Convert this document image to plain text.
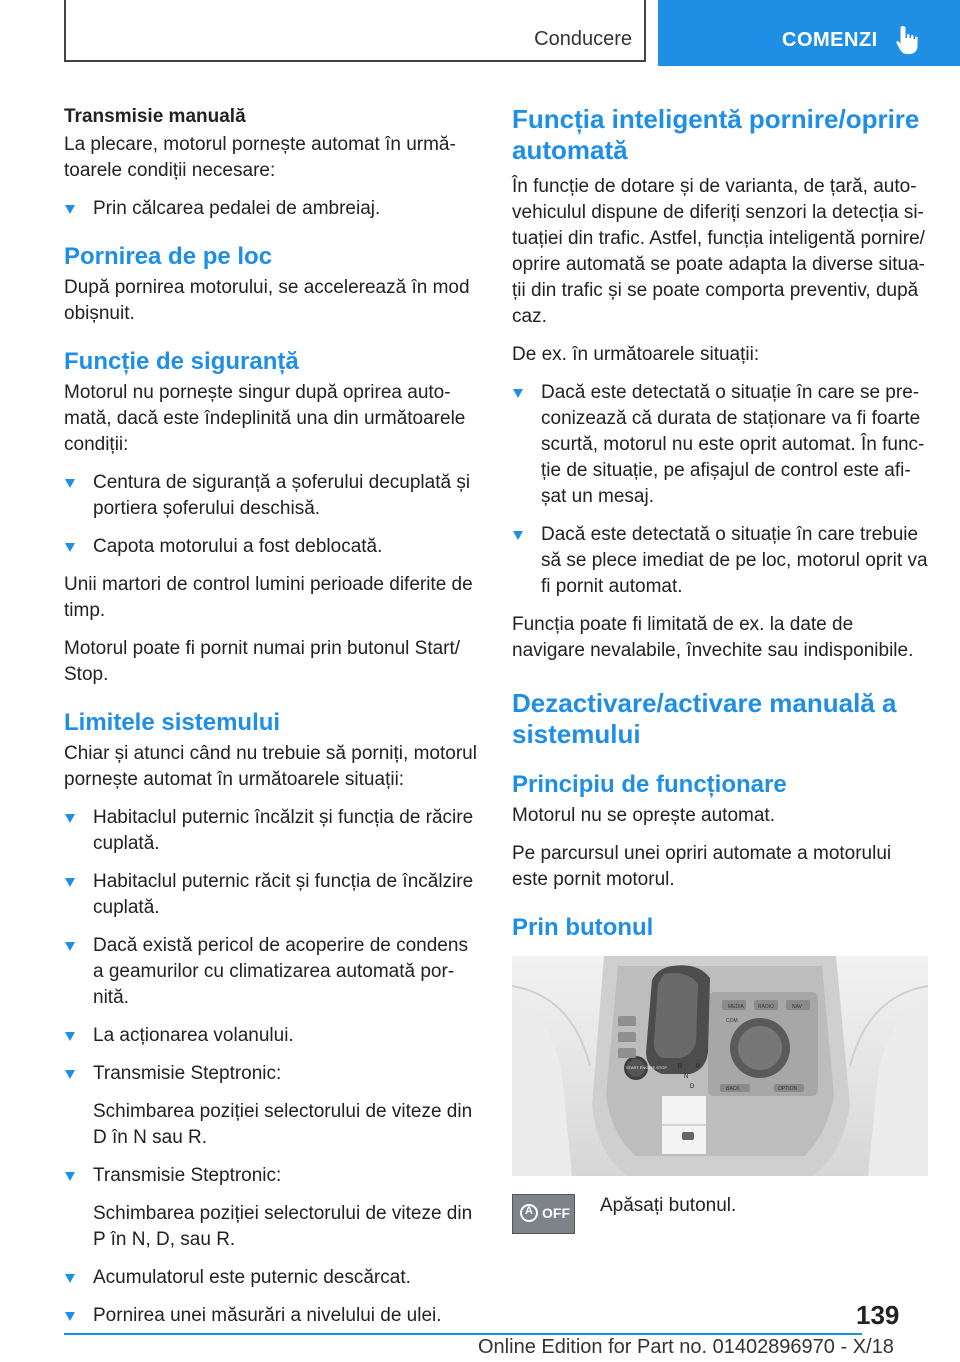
Conducere	COMENZI

Transmisie manuală

La plecare, motorul pornește automat în urmă-toarele condiții necesare:

Prin călcarea pedalei de ambreiaj.
Pornirea de pe loc

După pornirea motorului, se accelerează în mod obișnuit.

Funcție de siguranță

Motorul nu pornește singur după oprirea auto-mată, dacă este îndeplinită una din următoarele condiții:

Centura de siguranță a șoferului decuplată și portiera șoferului deschisă.
Capota motorului a fost deblocată.

Unii martori de control lumini perioade diferite de timp.

Motorul poate fi pornit numai prin butonul Start/ Stop.

Limitele sistemului

Chiar și atunci când nu trebuie să porniți, motorul pornește automat în următoarele situații:

Habitaclul puternic încălzit și funcția de răcire cuplată.
Habitaclul puternic răcit și funcția de încălzire cuplată.
Dacă există pericol de acoperire de condens a geamurilor cu climatizarea automată por-nită.
La acționarea volanului.
Transmisie Steptronic:
Schimbarea poziției selectorului de viteze din D în N sau R.
Transmisie Steptronic:
Schimbarea poziției selectorului de viteze din P în N, D, sau R.
Acumulatorul este puternic descărcat.
Pornirea unei măsurări a nivelului de ulei.
Funcția inteligentă pornire/oprire automată

În funcție de dotare și de varianta, de țară, auto-vehiculul dispune de diferiți senzori la detecția si-tuației din trafic. Astfel, funcția inteligentă pornire/ oprire automată se poate adapta la diverse situa-ții din trafic și se poate comporta preventiv, după caz.

De ex. în următoarele situații:

Dacă este detectată o situație în care se pre-conizează că durata de staționare va fi foarte scurtă, motorul nu este oprit automat. În func-ție de situație, pe afișajul de control este afi-șat un mesaj.
Dacă este detectată o situație în care trebuie să se plece imediat de pe loc, motorul oprit va fi pornit automat.

Funcția poate fi limitată de ex. la date de navigare nevalabile, învechite sau indisponibile.

Dezactivare/activare manuală a sistemului
Principiu de funcționare

Motorul nu se oprește automat.

Pe parcursul unei opriri automate a motorului este pornit motorul.

Prin butonul
MEDIA	RADIO	NAV
COM
BACK	OPTION
START ENGINE STOP R
N
D
P
A OFF Apăsați butonul.

139
Online Edition for Part no. 01402896970 - X/18
